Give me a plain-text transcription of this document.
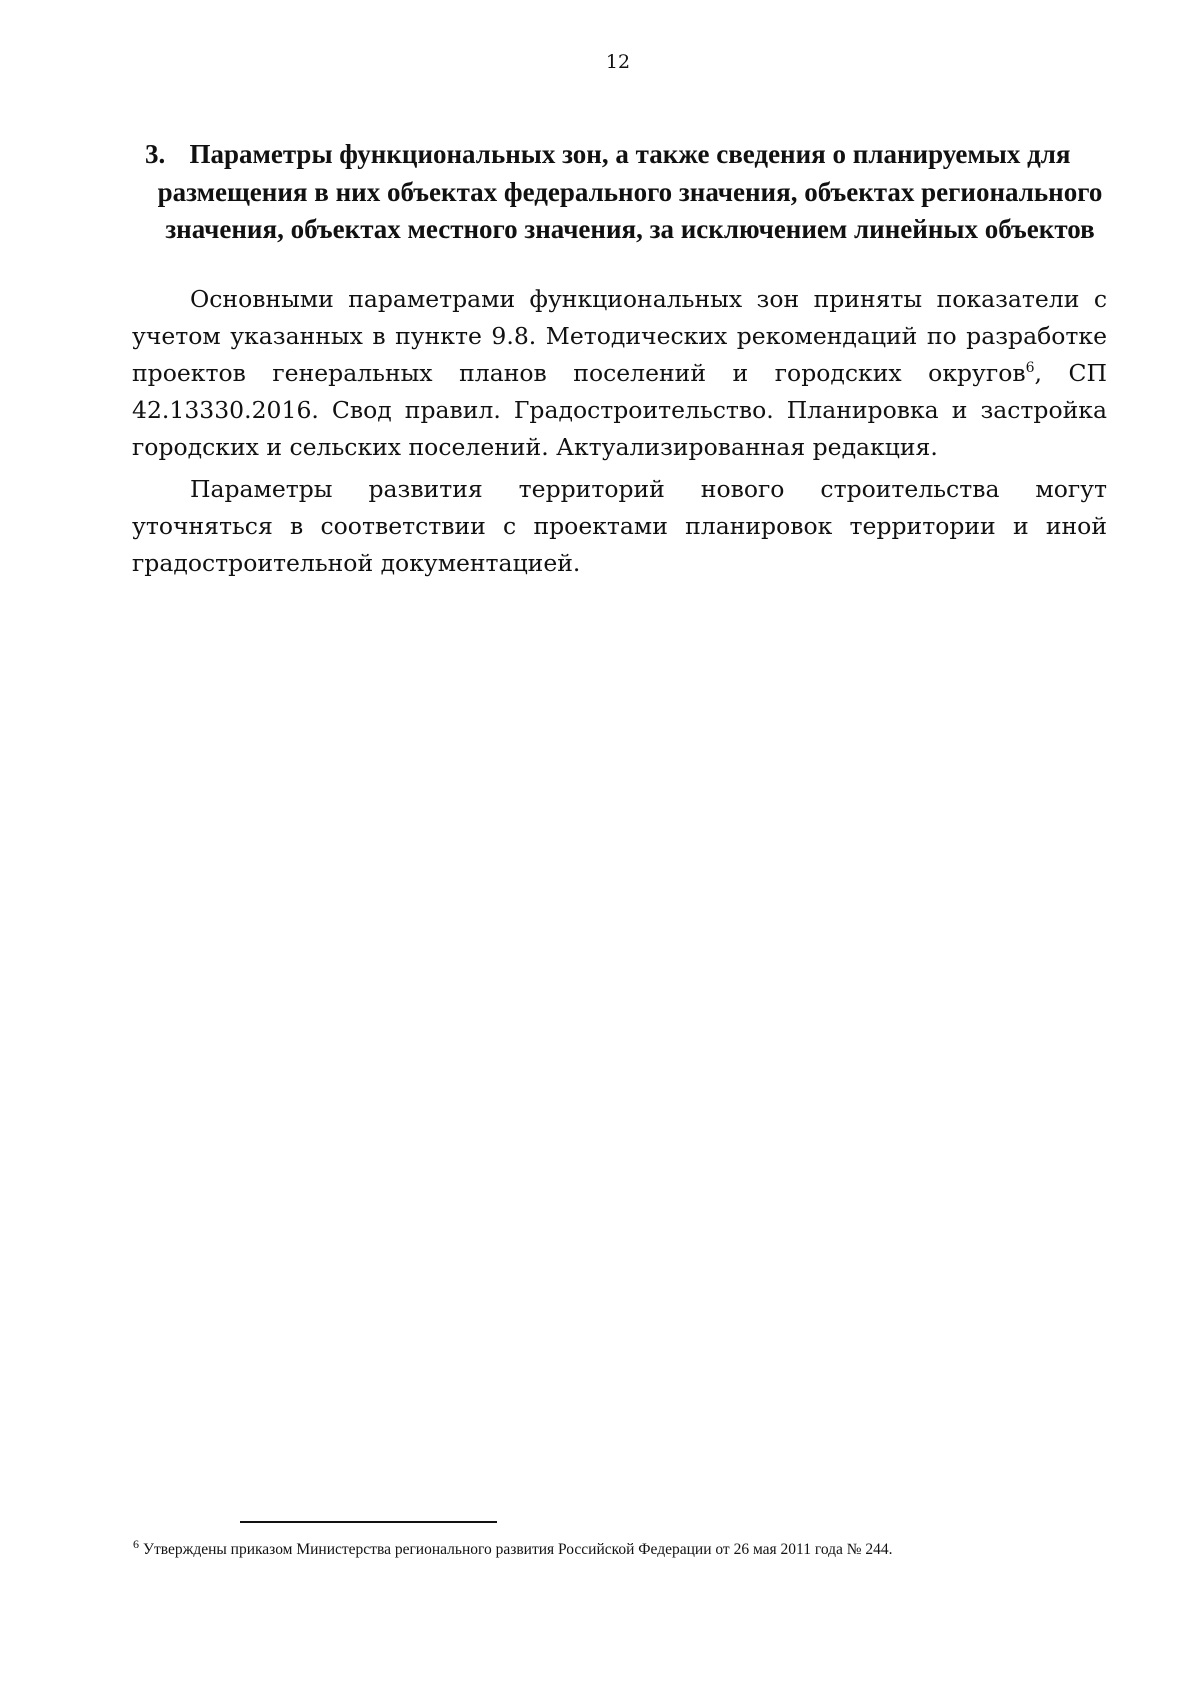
12
3. Параметры функциональных зон, а также сведения о планируемых для размещения в них объектах федерального значения, объектах регионального значения, объектах местного значения, за исключением линейных объектов

Основными параметрами функциональных зон приняты показатели с учетом указанных в пункте 9.8. Методических рекомендаций по разработке проектов генеральных планов поселений и городских округов$^6$, СП 42.13330.2016. Свод правил. Градостроительство. Планировка и застройка городских и сельских поселений. Актуализированная редакция.

Параметры развития территорий нового строительства могут уточняться в соответствии с проектами планировок территории и иной градостроительной документацией.

$^6$ Утверждены приказом Министерства регионального развития Российской Федерации от 26 мая 2011 года № 244.
